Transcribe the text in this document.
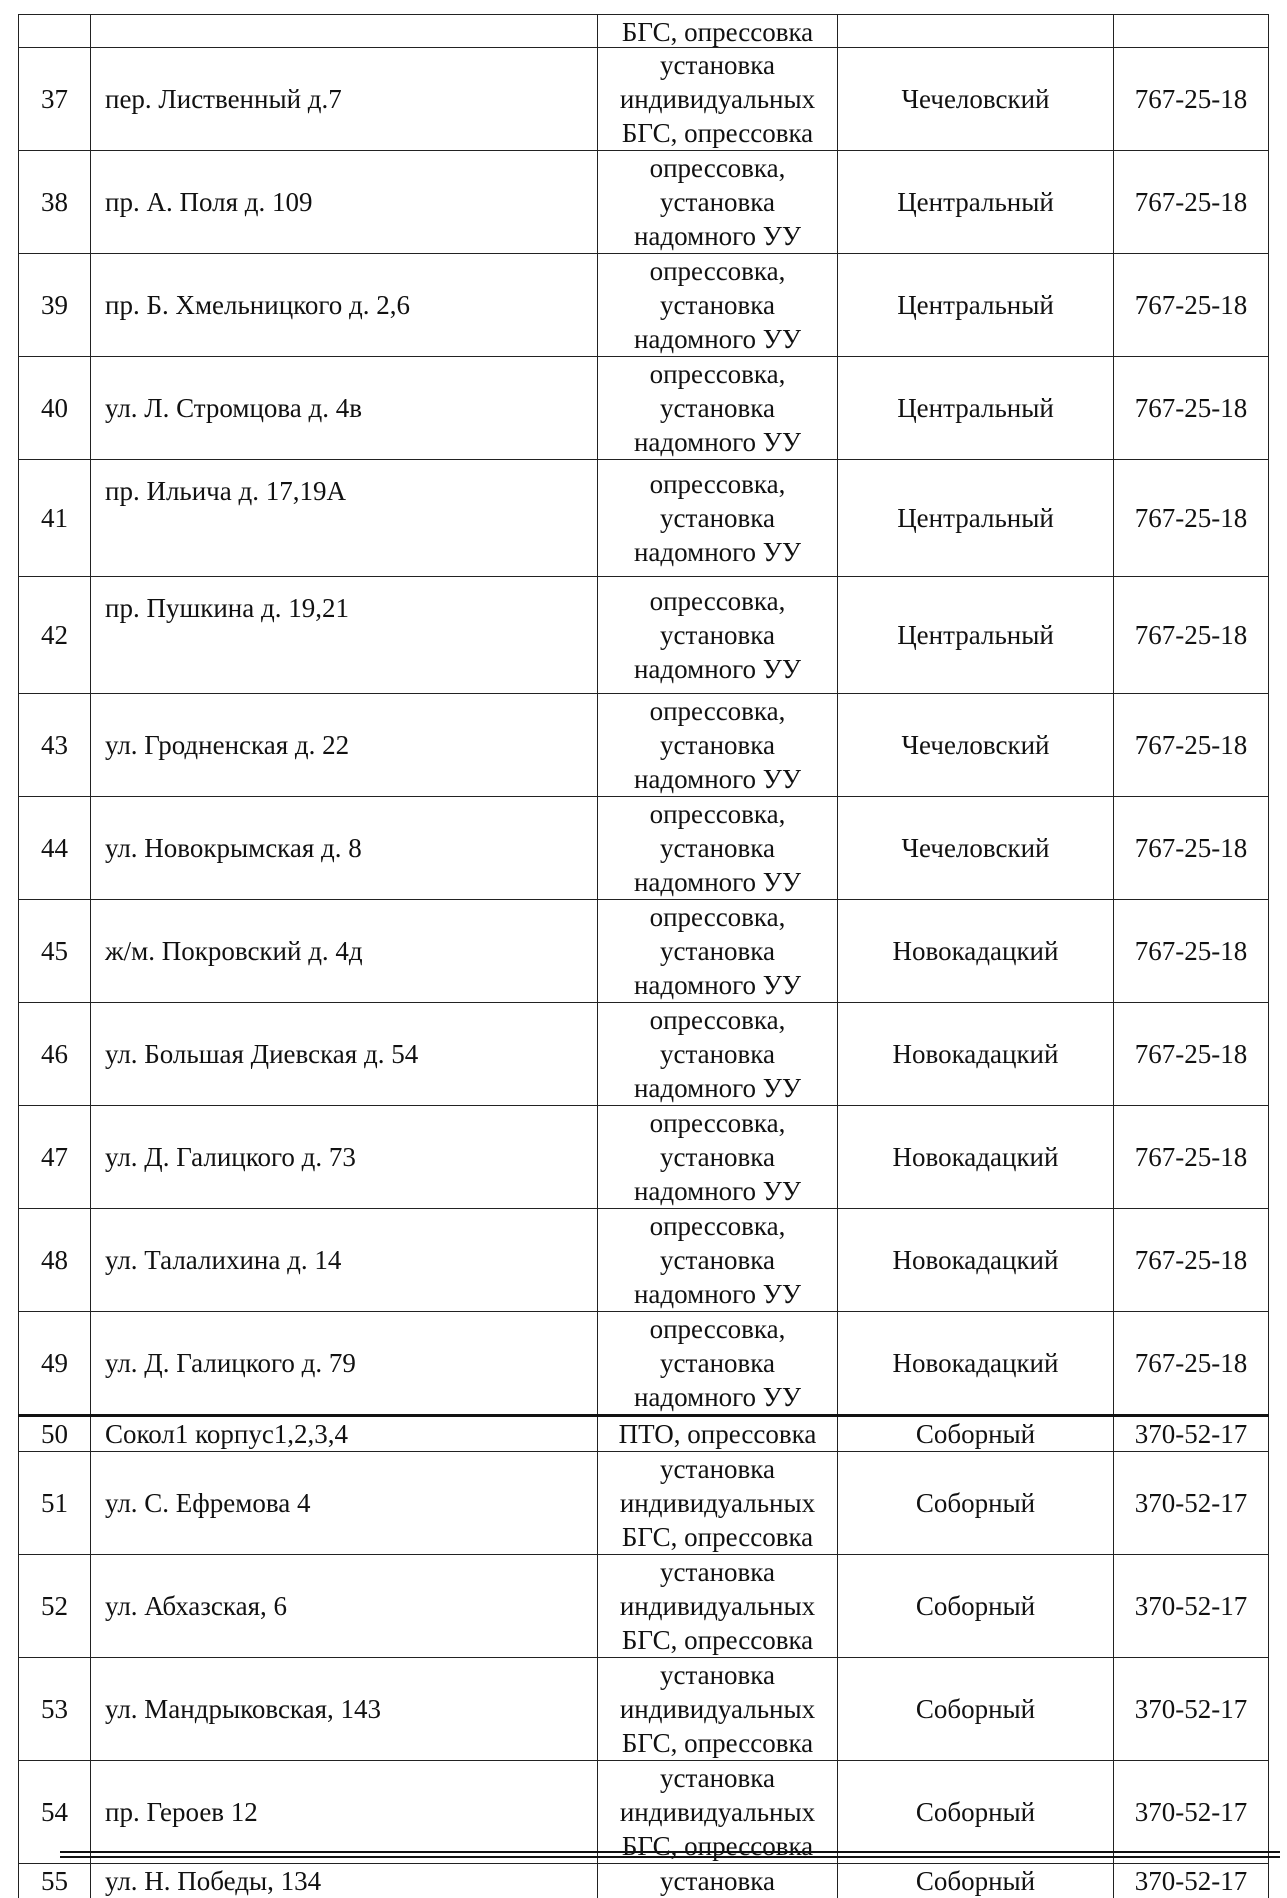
		БГС, опрессовка		
37	пер. Лиственный д.7	установка индивидуальных БГС, опрессовка	Чечеловский	767-25-18
38	пр. А. Поля д. 109	опрессовка, установка надомного УУ	Центральный	767-25-18
39	пр. Б. Хмельницкого д. 2,6	опрессовка, установка надомного УУ	Центральный	767-25-18
40	ул. Л. Стромцова д. 4в	опрессовка, установка надомного УУ	Центральный	767-25-18
41	пр. Ильича д. 17,19А	опрессовка, установка надомного УУ	Центральный	767-25-18
42	пр. Пушкина д. 19,21	опрессовка, установка надомного УУ	Центральный	767-25-18
43	ул. Гродненская д. 22	опрессовка, установка надомного УУ	Чечеловский	767-25-18
44	ул. Новокрымская д. 8	опрессовка, установка надомного УУ	Чечеловский	767-25-18
45	ж/м. Покровский д. 4д	опрессовка, установка надомного УУ	Новокадацкий	767-25-18
46	ул. Большая Диевская д. 54	опрессовка, установка надомного УУ	Новокадацкий	767-25-18
47	ул. Д. Галицкого д. 73	опрессовка, установка надомного УУ	Новокадацкий	767-25-18
48	ул. Талалихина д. 14	опрессовка, установка надомного УУ	Новокадацкий	767-25-18
49	ул. Д. Галицкого д. 79	опрессовка, установка надомного УУ	Новокадацкий	767-25-18
50	Сокол1 корпус1,2,3,4	ПТО, опрессовка	Соборный	370-52-17
51	ул. С. Ефремова 4	установка индивидуальных БГС, опрессовка	Соборный	370-52-17
52	ул. Абхазская, 6	установка индивидуальных БГС, опрессовка	Соборный	370-52-17
53	ул. Мандрыковская, 143	установка индивидуальных БГС, опрессовка	Соборный	370-52-17
54	пр. Героев 12	установка индивидуальных БГС, опрессовка	Соборный	370-52-17
55	ул. Н. Победы, 134	установка	Соборный	370-52-17
